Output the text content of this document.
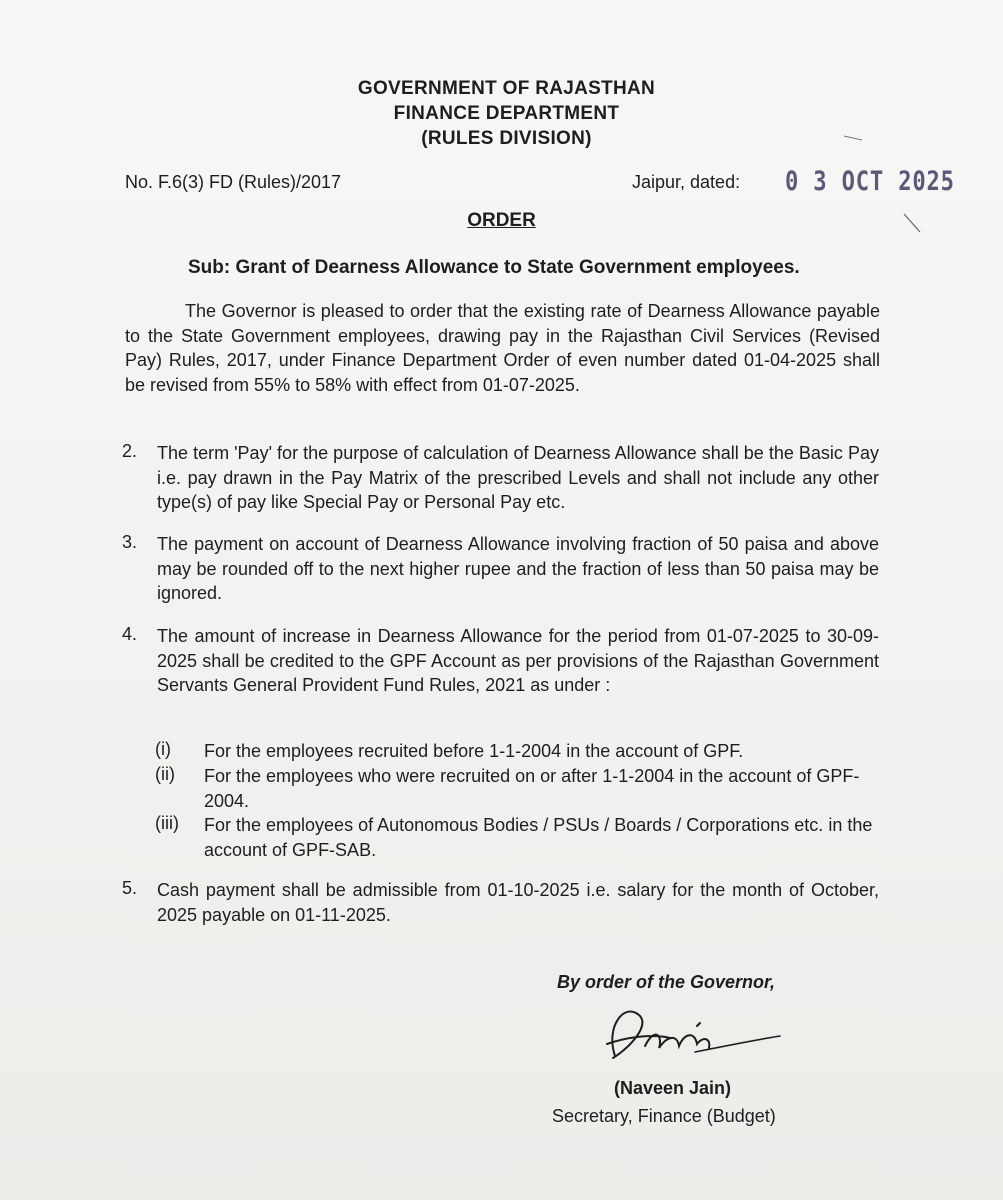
GOVERNMENT OF RAJASTHAN
FINANCE DEPARTMENT
(RULES DIVISION)
No. F.6(3) FD (Rules)/2017	Jaipur, dated: 0 3 OCT 2025
ORDER
Sub: Grant of Dearness Allowance to State Government employees.
The Governor is pleased to order that the existing rate of Dearness Allowance payable to the State Government employees, drawing pay in the Rajasthan Civil Services (Revised Pay) Rules, 2017, under Finance Department Order of even number dated 01-04-2025 shall be revised from 55% to 58% with effect from 01-07-2025.
2. The term 'Pay' for the purpose of calculation of Dearness Allowance shall be the Basic Pay i.e. pay drawn in the Pay Matrix of the prescribed Levels and shall not include any other type(s) of pay like Special Pay or Personal Pay etc.
3. The payment on account of Dearness Allowance involving fraction of 50 paisa and above may be rounded off to the next higher rupee and the fraction of less than 50 paisa may be ignored.
4. The amount of increase in Dearness Allowance for the period from 01-07-2025 to 30-09-2025 shall be credited to the GPF Account as per provisions of the Rajasthan Government Servants General Provident Fund Rules, 2021 as under :
(i) For the employees recruited before 1-1-2004 in the account of GPF.
(ii) For the employees who were recruited on or after 1-1-2004 in the account of GPF-2004.
(iii) For the employees of Autonomous Bodies / PSUs / Boards / Corporations etc. in the account of GPF-SAB.
5. Cash payment shall be admissible from 01-10-2025 i.e. salary for the month of October, 2025 payable on 01-11-2025.
By order of the Governor,
(Naveen Jain)
Secretary, Finance (Budget)
